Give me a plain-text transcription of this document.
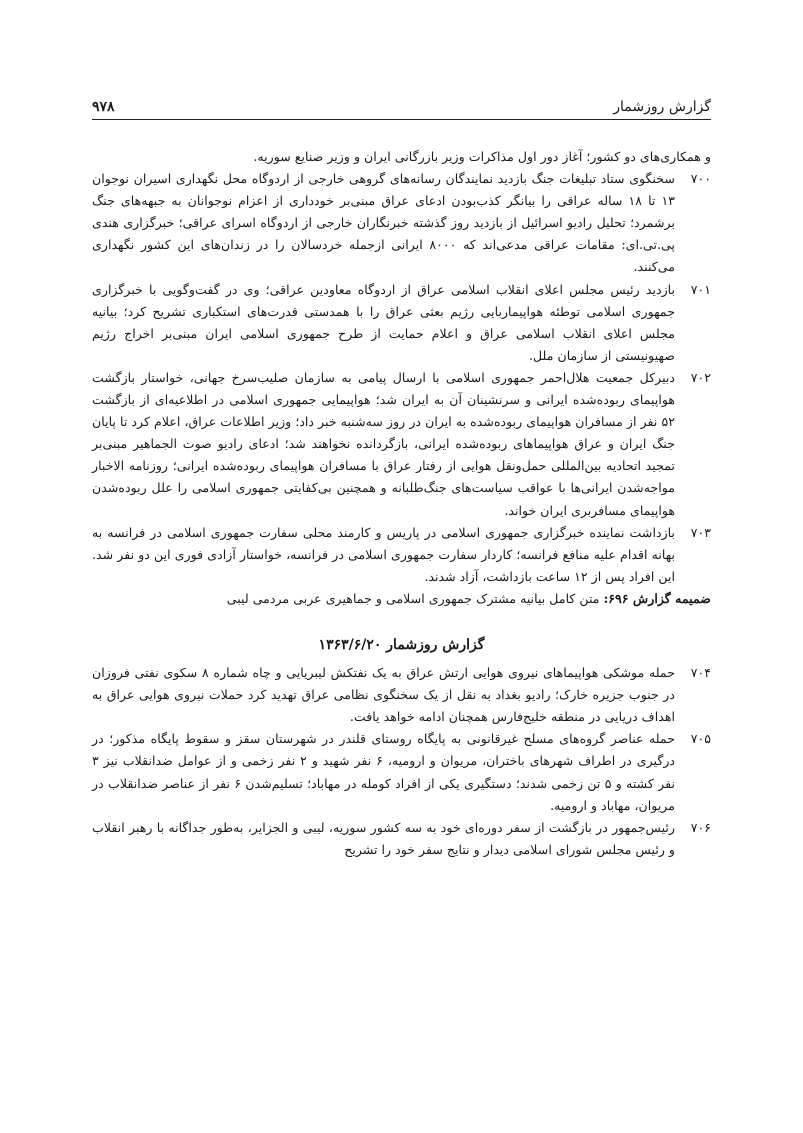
گزارش روزشمار
۹۷۸

و همکاری‌های دو کشور؛ آغاز دور اول مذاکرات وزیر بازرگانی ایران و وزیر صنایع سوریه.

۷۰۰
سخنگوی ستاد تبلیغات جنگ بازدید نمایندگان رسانه‌های گروهی خارجی از اردوگاه محل نگهداری اسیران نوجوان ۱۳ تا ۱۸ ساله عراقی را بیانگر کذب‌بودن ادعای عراق مبنی‌بر خودداری از اعزام نوجوانان به جبهه‌های جنگ برشمرد؛ تحلیل رادیو اسرائیل از بازدید روز گذشته خبرنگاران خارجی از اردوگاه اسرای عراقی؛ خبرگزاری هندی پی.تی.ای: مقامات عراقی مدعی‌اند که ۸۰۰۰ ایرانی ازجمله خردسالان را در زندان‌های این کشور نگهداری می‌کنند.
۷۰۱
بازدید رئیس مجلس اعلای انقلاب اسلامی عراق از اردوگاه معاودین عراقی؛ وی در گفت‌وگویی با خبرگزاری جمهوری اسلامی توطئه هواپیماربایی رژیم بعثی عراق را با همدستی قدرت‌های استکباری تشریح کرد؛ بیانیه مجلس اعلای انقلاب اسلامی عراق و اعلام حمایت از طرح جمهوری اسلامی ایران مبنی‌بر اخراج رژیم صهیونیستی از سازمان ملل.
۷۰۲
دبیرکل جمعیت هلال‌احمر جمهوری اسلامی با ارسال پیامی به سازمان صلیب‌سرخ جهانی، خواستار بازگشت هواپیمای ربوده‌شده ایرانی و سرنشینان آن به ایران شد؛ هواپیمایی جمهوری اسلامی در اطلاعیه‌ای از بازگشت ۵۲ نفر از مسافران هواپیمای ربوده‌شده به ایران در روز سه‌شنبه خبر داد؛ وزیر اطلاعات عراق، اعلام کرد تا پایان جنگ ایران و عراق هواپیماهای ربوده‌شده ایرانی، بازگردانده نخواهند شد؛ ادعای رادیو صوت الجماهیر مبنی‌بر تمجید اتحادیه بین‌المللی حمل‌ونقل هوایی از رفتار عراق با مسافران هواپیمای ربوده‌شده ایرانی؛ روزنامه الاخبار مواجه‌شدن ایرانی‌ها با عواقب سیاست‌های جنگ‌طلبانه و همچنین بی‌کفایتی جمهوری اسلامی را علل ربوده‌شدن هواپیمای مسافربری ایران خواند.
۷۰۳
بازداشت نماینده خبرگزاری جمهوری اسلامی در پاریس و کارمند محلی سفارت جمهوری اسلامی در فرانسه به بهانه اقدام علیه منافع فرانسه؛ کاردار سفارت جمهوری اسلامی در فرانسه، خواستار آزادی فوری این دو نفر شد. این افراد پس از ۱۲ ساعت بازداشت، آزاد شدند.

ضمیمه گزارش ۶۹۶: متن کامل بیانیه مشترک جمهوری اسلامی و جماهیری عربی مردمی لیبی

گزارش روزشمار ۱۳۶۳/۶/۲۰
۷۰۴
حمله موشکی هواپیماهای نیروی هوایی ارتش عراق به یک نفتکش لیبریایی و چاه شماره ۸ سکوی نفتی فروزان در جنوب جزیره خارک؛ رادیو بغداد به نقل از یک سخنگوی نظامی عراق تهدید کرد حملات نیروی هوایی عراق به اهداف دریایی در منطقه خلیج‌فارس همچنان ادامه خواهد یافت.
۷۰۵
حمله عناصر گروه‌های مسلح غیرقانونی به پایگاه روستای قلندر در شهرستان سقز و سقوط پایگاه مذکور؛ در درگیری در اطراف شهرهای باختران، مریوان و ارومیه، ۶ نفر شهید و ۲ نفر زخمی و از عوامل ضدانقلاب نیز ۳ نفر کشته و ۵ تن زخمی شدند؛ دستگیری یکی از افراد کومله در مهاباد؛ تسلیم‌شدن ۶ نفر از عناصر ضدانقلاب در مریوان، مهاباد و ارومیه.
۷۰۶
رئیس‌جمهور در بازگشت از سفر دوره‌ای خود به سه کشور سوریه، لیبی و الجزایر، به‌طور جداگانه با رهبر انقلاب و رئیس مجلس شورای اسلامی دیدار و نتایج سفر خود را تشریح
